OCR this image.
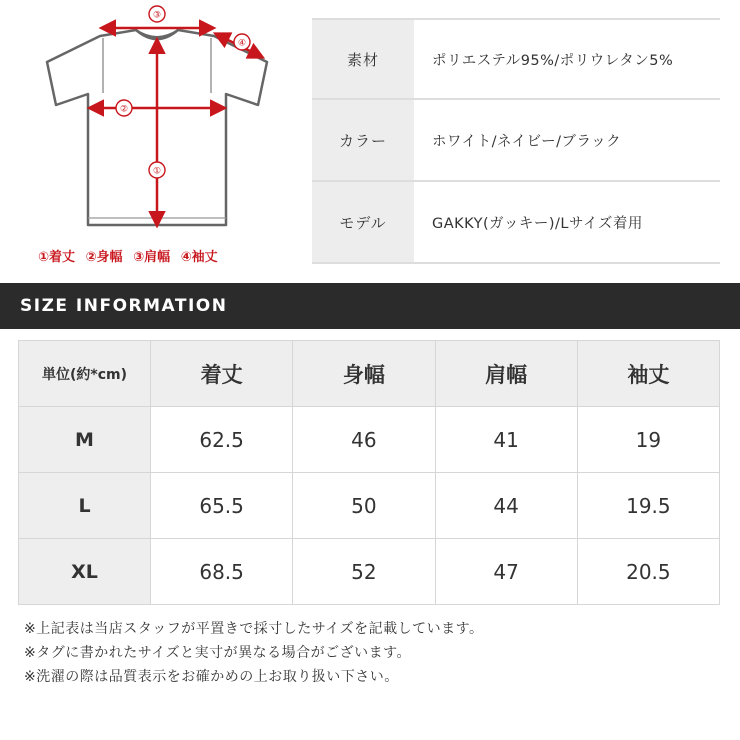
③
④
②
①
①着丈 ②身幅 ③肩幅 ④袖丈
素材	ポリエステル95%/ポリウレタン5%
カラー	ホワイト/ネイビー/ブラック
モデル	GAKKY(ガッキー)/Lサイズ着用
SIZE INFORMATION
単位(約*cm)	着丈	身幅	肩幅	袖丈
M	62.5	46	41	19
L	65.5	50	44	19.5
XL	68.5	52	47	20.5

※上記表は当店スタッフが平置きで採寸したサイズを記載しています。

※タグに書かれたサイズと実寸が異なる場合がございます。

※洗濯の際は品質表示をお確かめの上お取り扱い下さい。
